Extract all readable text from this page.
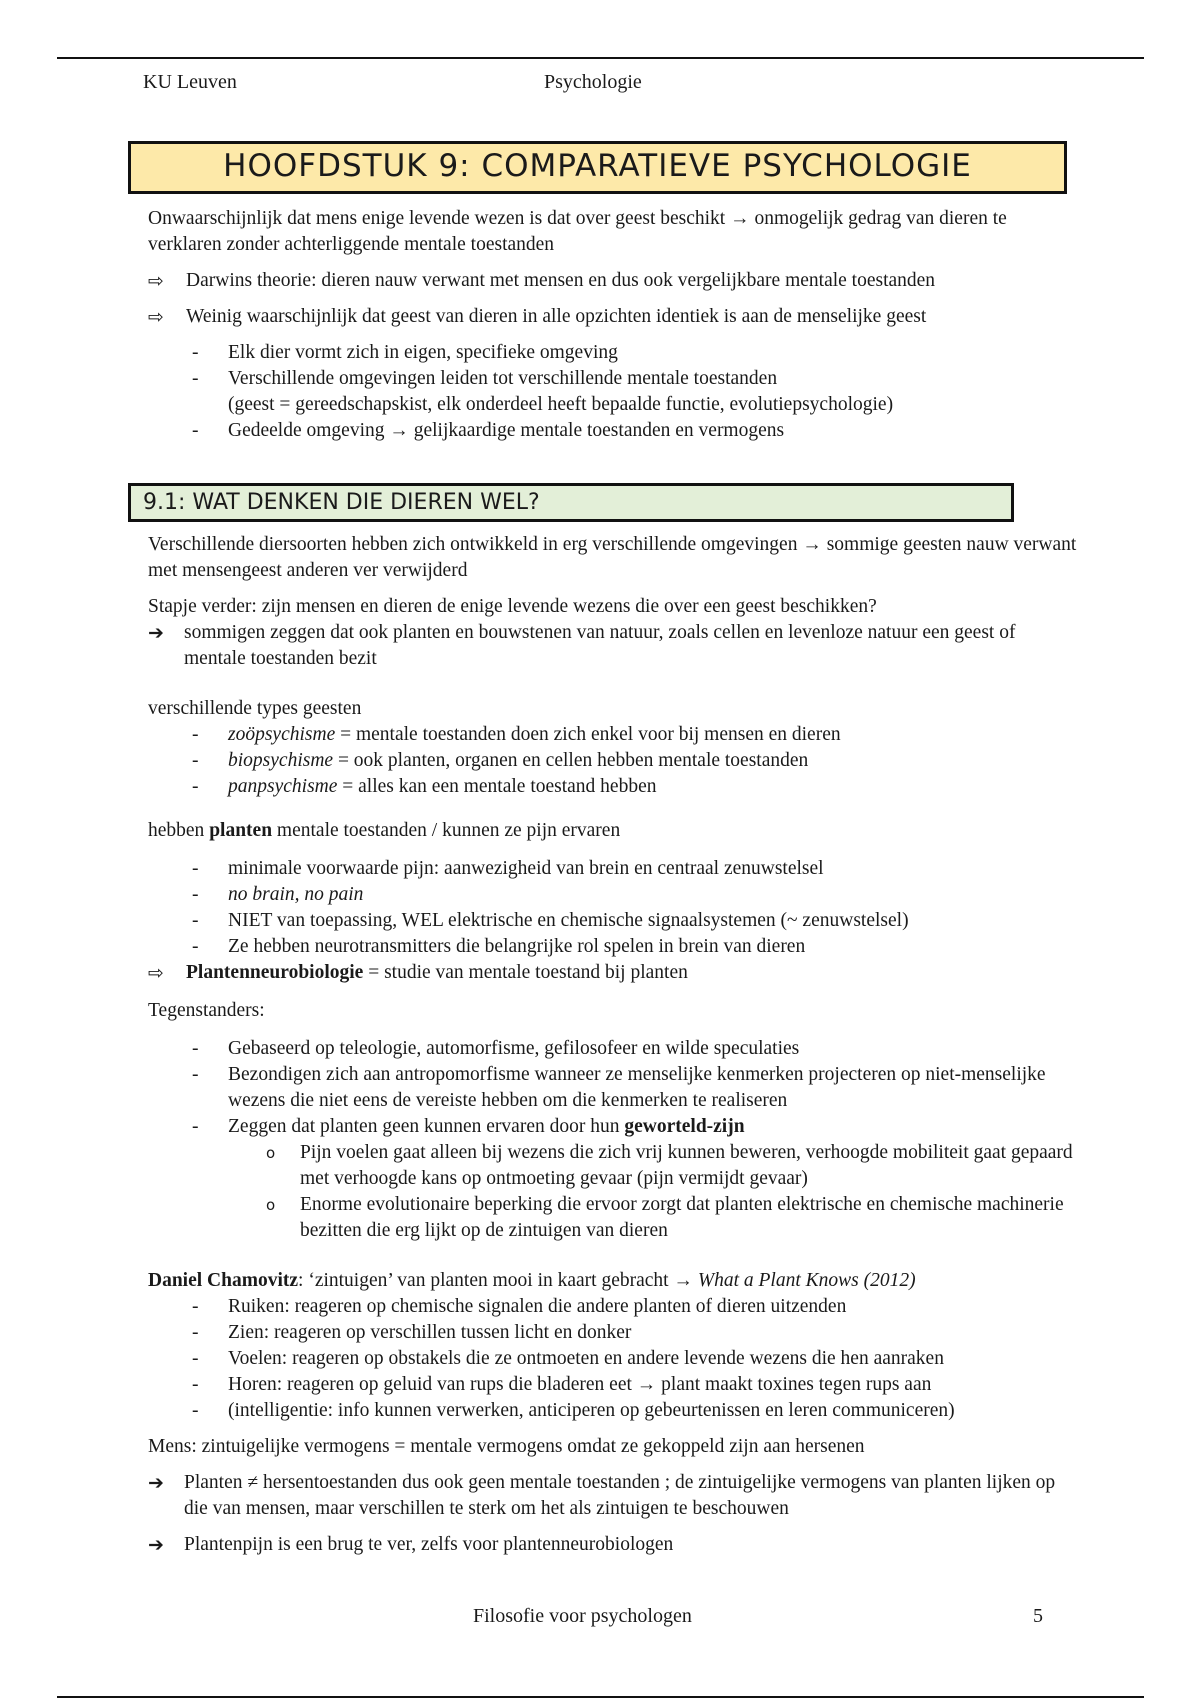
KU Leuven	Psychologie
HOOFDSTUK 9: COMPARATIEVE PSYCHOLOGIE

Onwaarschijnlijk dat mens enige levende wezen is dat over geest beschikt → onmogelijk gedrag van dieren te verklaren zonder achterliggende mentale toestanden

⇨ Darwins theorie: dieren nauw verwant met mensen en dus ook vergelijkbare mentale toestanden
⇨ Weinig waarschijnlijk dat geest van dieren in alle opzichten identiek is aan de menselijke geest
- Elk dier vormt zich in eigen, specifieke omgeving
- Verschillende omgevingen leiden tot verschillende mentale toestanden
(geest = gereedschapskist, elk onderdeel heeft bepaalde functie, evolutiepsychologie)
- Gedeelde omgeving → gelijkaardige mentale toestanden en vermogens

Verschillende diersoorten hebben zich ontwikkeld in erg verschillende omgevingen → sommige geesten nauw verwant met mensengeest anderen ver verwijderd

Stapje verder: zijn mensen en dieren de enige levende wezens die over een geest beschikken?

➔ sommigen zeggen dat ook planten en bouwstenen van natuur, zoals cellen en levenloze natuur een geest of mentale toestanden bezit

verschillende types geesten

- zoöpsychisme = mentale toestanden doen zich enkel voor bij mensen en dieren
- biopsychisme = ook planten, organen en cellen hebben mentale toestanden
- panpsychisme = alles kan een mentale toestand hebben

hebben planten mentale toestanden / kunnen ze pijn ervaren

- minimale voorwaarde pijn: aanwezigheid van brein en centraal zenuwstelsel
- no brain, no pain
- NIET van toepassing, WEL elektrische en chemische signaalsystemen (~ zenuwstelsel)
- Ze hebben neurotransmitters die belangrijke rol spelen in brein van dieren
⇨ Plantenneurobiologie = studie van mentale toestand bij planten

Tegenstanders:

- Gebaseerd op teleologie, automorfisme, gefilosofeer en wilde speculaties
- Bezondigen zich aan antropomorfisme wanneer ze menselijke kenmerken projecteren op niet-menselijke wezens die niet eens de vereiste hebben om die kenmerken te realiseren
- Zeggen dat planten geen kunnen ervaren door hun geworteld-zijn
o Pijn voelen gaat alleen bij wezens die zich vrij kunnen beweren, verhoogde mobiliteit gaat gepaard met verhoogde kans op ontmoeting gevaar (pijn vermijdt gevaar)
o Enorme evolutionaire beperking die ervoor zorgt dat planten elektrische en chemische machinerie bezitten die erg lijkt op de zintuigen van dieren

Daniel Chamovitz: ‘zintuigen’ van planten mooi in kaart gebracht → What a Plant Knows (2012)

- Ruiken: reageren op chemische signalen die andere planten of dieren uitzenden
- Zien: reageren op verschillen tussen licht en donker
- Voelen: reageren op obstakels die ze ontmoeten en andere levende wezens die hen aanraken
- Horen: reageren op geluid van rups die bladeren eet → plant maakt toxines tegen rups aan
- (intelligentie: info kunnen verwerken, anticiperen op gebeurtenissen en leren communiceren)

Mens: zintuigelijke vermogens = mentale vermogens omdat ze gekoppeld zijn aan hersenen

➔ Planten ≠ hersentoestanden dus ook geen mentale toestanden ; de zintuigelijke vermogens van planten lijken op die van mensen, maar verschillen te sterk om het als zintuigen te beschouwen
➔ Plantenpijn is een brug te ver, zelfs voor plantenneurobiologen
9.1: WAT DENKEN DIE DIEREN WEL?
Filosofie voor psychologen	5
